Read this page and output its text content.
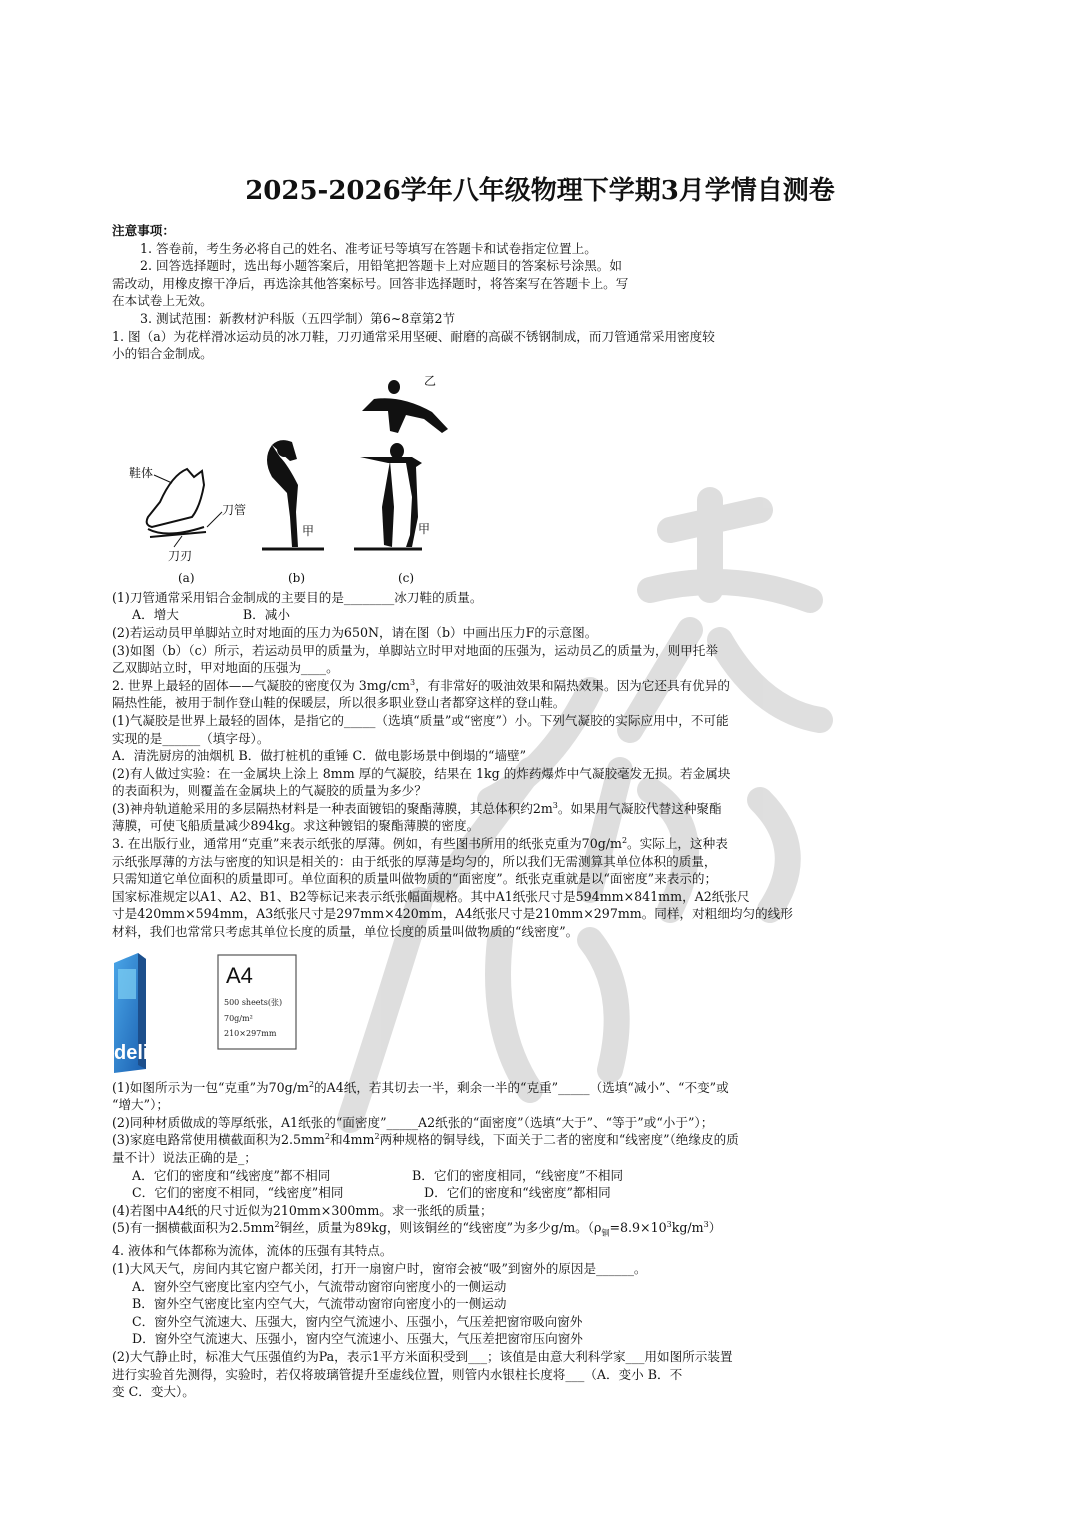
2025-2026学年八年级物理下学期3月学情自测卷

注意事项：

1. 答卷前，考生务必将自己的姓名、准考证号等填写在答题卡和试卷指定位置上。

2. 回答选择题时，选出每小题答案后，用铅笔把答题卡上对应题目的答案标号涂黑。如

需改动，用橡皮擦干净后，再选涂其他答案标号。回答非选择题时，将答案写在答题卡上。写

在本试卷上无效。

3. 测试范围：新教材沪科版（五四学制）第6~8章第2节

1. 图（a）为花样滑冰运动员的冰刀鞋，刀刃通常采用坚硬、耐磨的高碳不锈钢制成，而刀管通常采用密度较

小的铝合金制成。

鞋体
刀管
刀刃
(a)
甲
(b)
乙
甲
(c)

(1)刀管通常采用铝合金制成的主要目的是________冰刀鞋的质量。

A．增大	B．减小

(2)若运动员甲单脚站立时对地面的压力为650N，请在图（b）中画出压力F的示意图。

(3)如图（b）（c）所示，若运动员甲的质量为，单脚站立时甲对地面的压强为，运动员乙的质量为，则甲托举

乙双脚站立时，甲对地面的压强为____。

2. 世界上最轻的固体——气凝胶的密度仅为 $3mg/cm^3$，有非常好的吸油效果和隔热效果。因为它还具有优异的

隔热性能，被用于制作登山鞋的保暖层，所以很多职业登山者都穿这样的登山鞋。

(1)气凝胶是世界上最轻的固体，是指它的_____（选填“质量”或“密度”）小。下列气凝胶的实际应用中，不可能

实现的是______（填字母）。

A．清洗厨房的油烟机 B．做打桩机的重锤 C．做电影场景中倒塌的“墙壁”

(2)有人做过实验：在一金属块上涂上 8mm 厚的气凝胶，结果在 1kg 的炸药爆炸中气凝胶毫发无损。若金属块

的表面积为，则覆盖在金属块上的气凝胶的质量为多少？

(3)神舟轨道舱采用的多层隔热材料是一种表面镀铝的聚酯薄膜，其总体积约$2m^3$。如果用气凝胶代替这种聚酯

薄膜，可使飞船质量减少894kg。求这种镀铝的聚酯薄膜的密度。

3. 在出版行业，通常用“克重”来表示纸张的厚薄。例如，有些图书所用的纸张克重为$70g/m^2$。实际上，这种表

示纸张厚薄的方法与密度的知识是相关的：由于纸张的厚薄是均匀的，所以我们无需测算其单位体积的质量，

只需知道它单位面积的质量即可。单位面积的质量叫做物质的“面密度”。纸张克重就是以“面密度”来表示的；

国家标准规定以A1、A2、B1、B2等标记来表示纸张幅面规格。其中A1纸张尺寸是594mm×841mm，A2纸张尺

寸是420mm×594mm，A3纸张尺寸是297mm×420mm，A4纸张尺寸是210mm×297mm。同样，对粗细均匀的线形

材料，我们也常常只考虑其单位长度的质量，单位长度的质量叫做物质的“线密度”。

deli
A4
500 sheets(张)
70g/m²
210×297mm

(1)如图所示为一包“克重”为$70g/m^2$的A4纸，若其切去一半，剩余一半的“克重”_____（选填“减小”、“不变”或

“增大”）；

(2)同种材质做成的等厚纸张，A1纸张的“面密度”_____A2纸张的“面密度”（选填“大于”、“等于”或“小于”）；

(3)家庭电路常使用横截面积为$2.5mm^2$和$4mm^2$两种规格的铜导线，下面关于二者的密度和“线密度”（绝缘皮的质

量不计）说法正确的是_；

A．它们的密度和“线密度”都不相同	B．它们的密度相同，“线密度”不相同

C．它们的密度不相同，“线密度”相同	D．它们的密度和“线密度”都相同

(4)若图中A4纸的尺寸近似为210mm×300mm。求一张纸的质量；

(5)有一捆横截面积为$2.5mm^2$铜丝，质量为89kg，则该铜丝的“线密度”为多少g/m。$(\rho_铜=8.9\times 10^3kg/m^3)$

4. 液体和气体都称为流体，流体的压强有其特点。

(1)大风天气，房间内其它窗户都关闭，打开一扇窗户时，窗帘会被“吸”到窗外的原因是______。

A．窗外空气密度比室内空气小，气流带动窗帘向密度小的一侧运动

B．窗外空气密度比室内空气大，气流带动窗帘向密度小的一侧运动

C．窗外空气流速大、压强大，窗内空气流速小、压强小，气压差把窗帘吸向窗外

D．窗外空气流速大、压强小，窗内空气流速小、压强大，气压差把窗帘压向窗外

(2)大气静止时，标准大气压强值约为Pa，表示1平方米面积受到___；该值是由意大利科学家___用如图所示装置

进行实验首先测得，实验时，若仅将玻璃管提升至虚线位置，则管内水银柱长度将___（A．变小 B．不

变 C．变大）。
